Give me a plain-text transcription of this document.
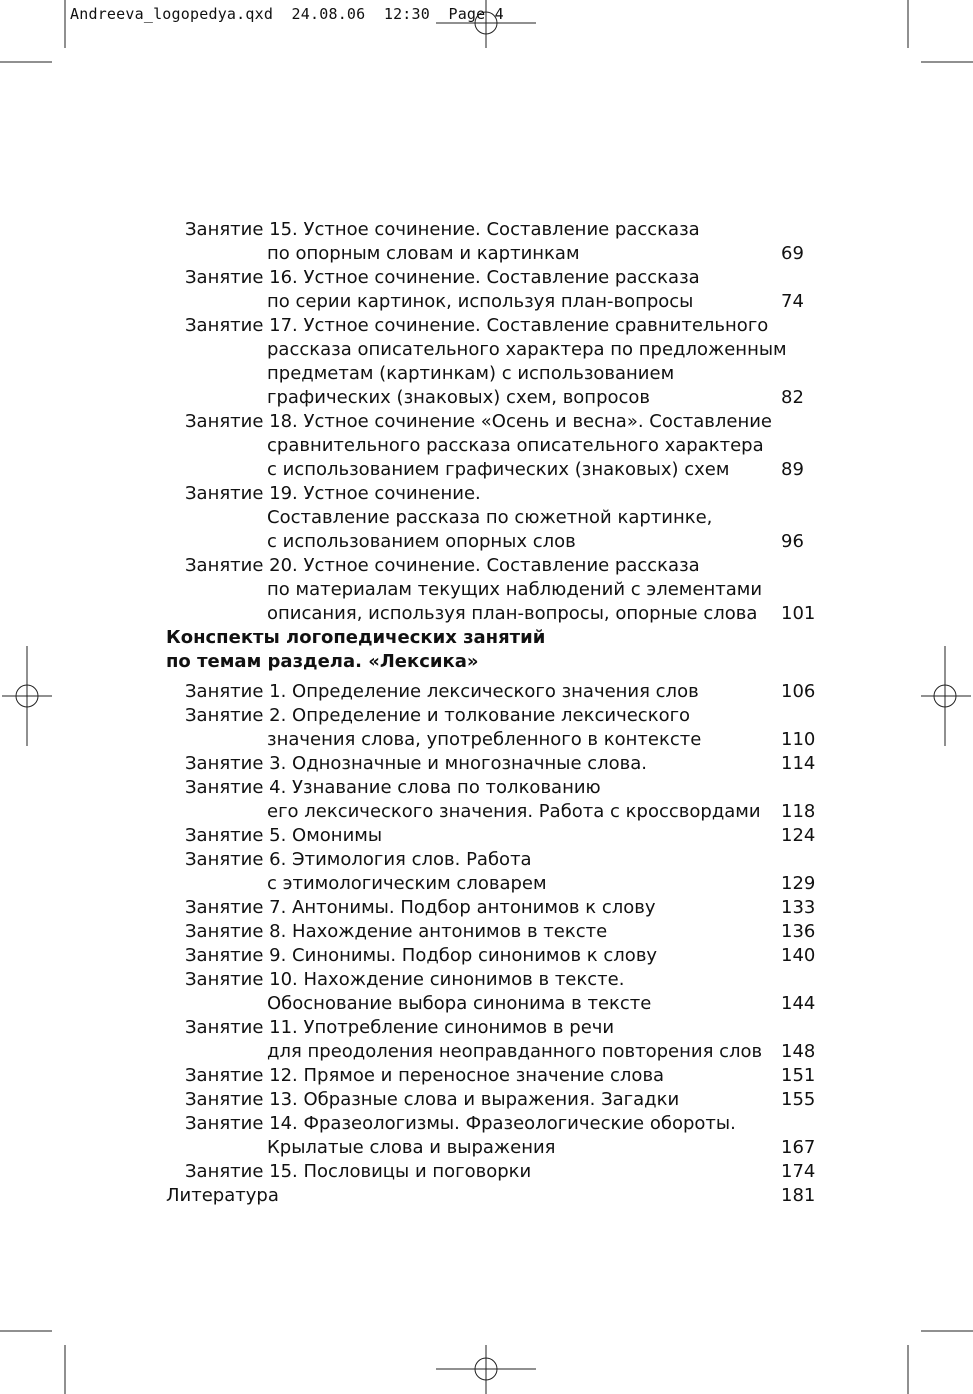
Andreeva_logopedya.qxd  24.08.06  12:30  Page 4
Занятие 15. Устное сочинение. Составление рассказа
по опорным словам и картинкам	69
Занятие 16. Устное сочинение. Составление рассказа
по серии картинок, используя план-вопросы	74
Занятие 17. Устное сочинение. Составление сравнительного
рассказа описательного характера по предложенным
предметам (картинкам) с использованием
графических (знаковых) схем, вопросов	82
Занятие 18. Устное сочинение «Осень и весна». Составление
сравнительного рассказа описательного характера
с использованием графических (знаковых) схем	89
Занятие 19. Устное сочинение.
Составление рассказа по сюжетной картинке,
с использованием опорных слов	96
Занятие 20. Устное сочинение. Составление рассказа
по материалам текущих наблюдений с элементами
описания, используя план-вопросы, опорные слова 101
Конспекты логопедических занятий
по темам раздела. «Лексика»
Занятие 1. Определение лексического значения слов	106
Занятие 2. Определение и толкование лексического
значения слова, употребленного в контексте	110
Занятие 3. Однозначные и многозначные слова.	114
Занятие 4. Узнавание слова по толкованию
его лексического значения. Работа с кроссвордами 118
Занятие 5. Омонимы	124
Занятие 6. Этимология слов. Работа
с этимологическим словарем	129
Занятие 7. Антонимы. Подбор антонимов к слову	133
Занятие 8. Нахождение антонимов в тексте	136
Занятие 9. Синонимы. Подбор синонимов к слову	140
Занятие 10. Нахождение синонимов в тексте.
Обоснование выбора синонима в тексте	144
Занятие 11. Употребление синонимов в речи
для преодоления неоправданного повторения слов 148
Занятие 12. Прямое и переносное значение слова	151
Занятие 13. Образные слова и выражения. Загадки	155
Занятие 14. Фразеологизмы. Фразеологические обороты.
Крылатые слова и выражения	167
Занятие 15. Пословицы и поговорки	174
Литература	181
